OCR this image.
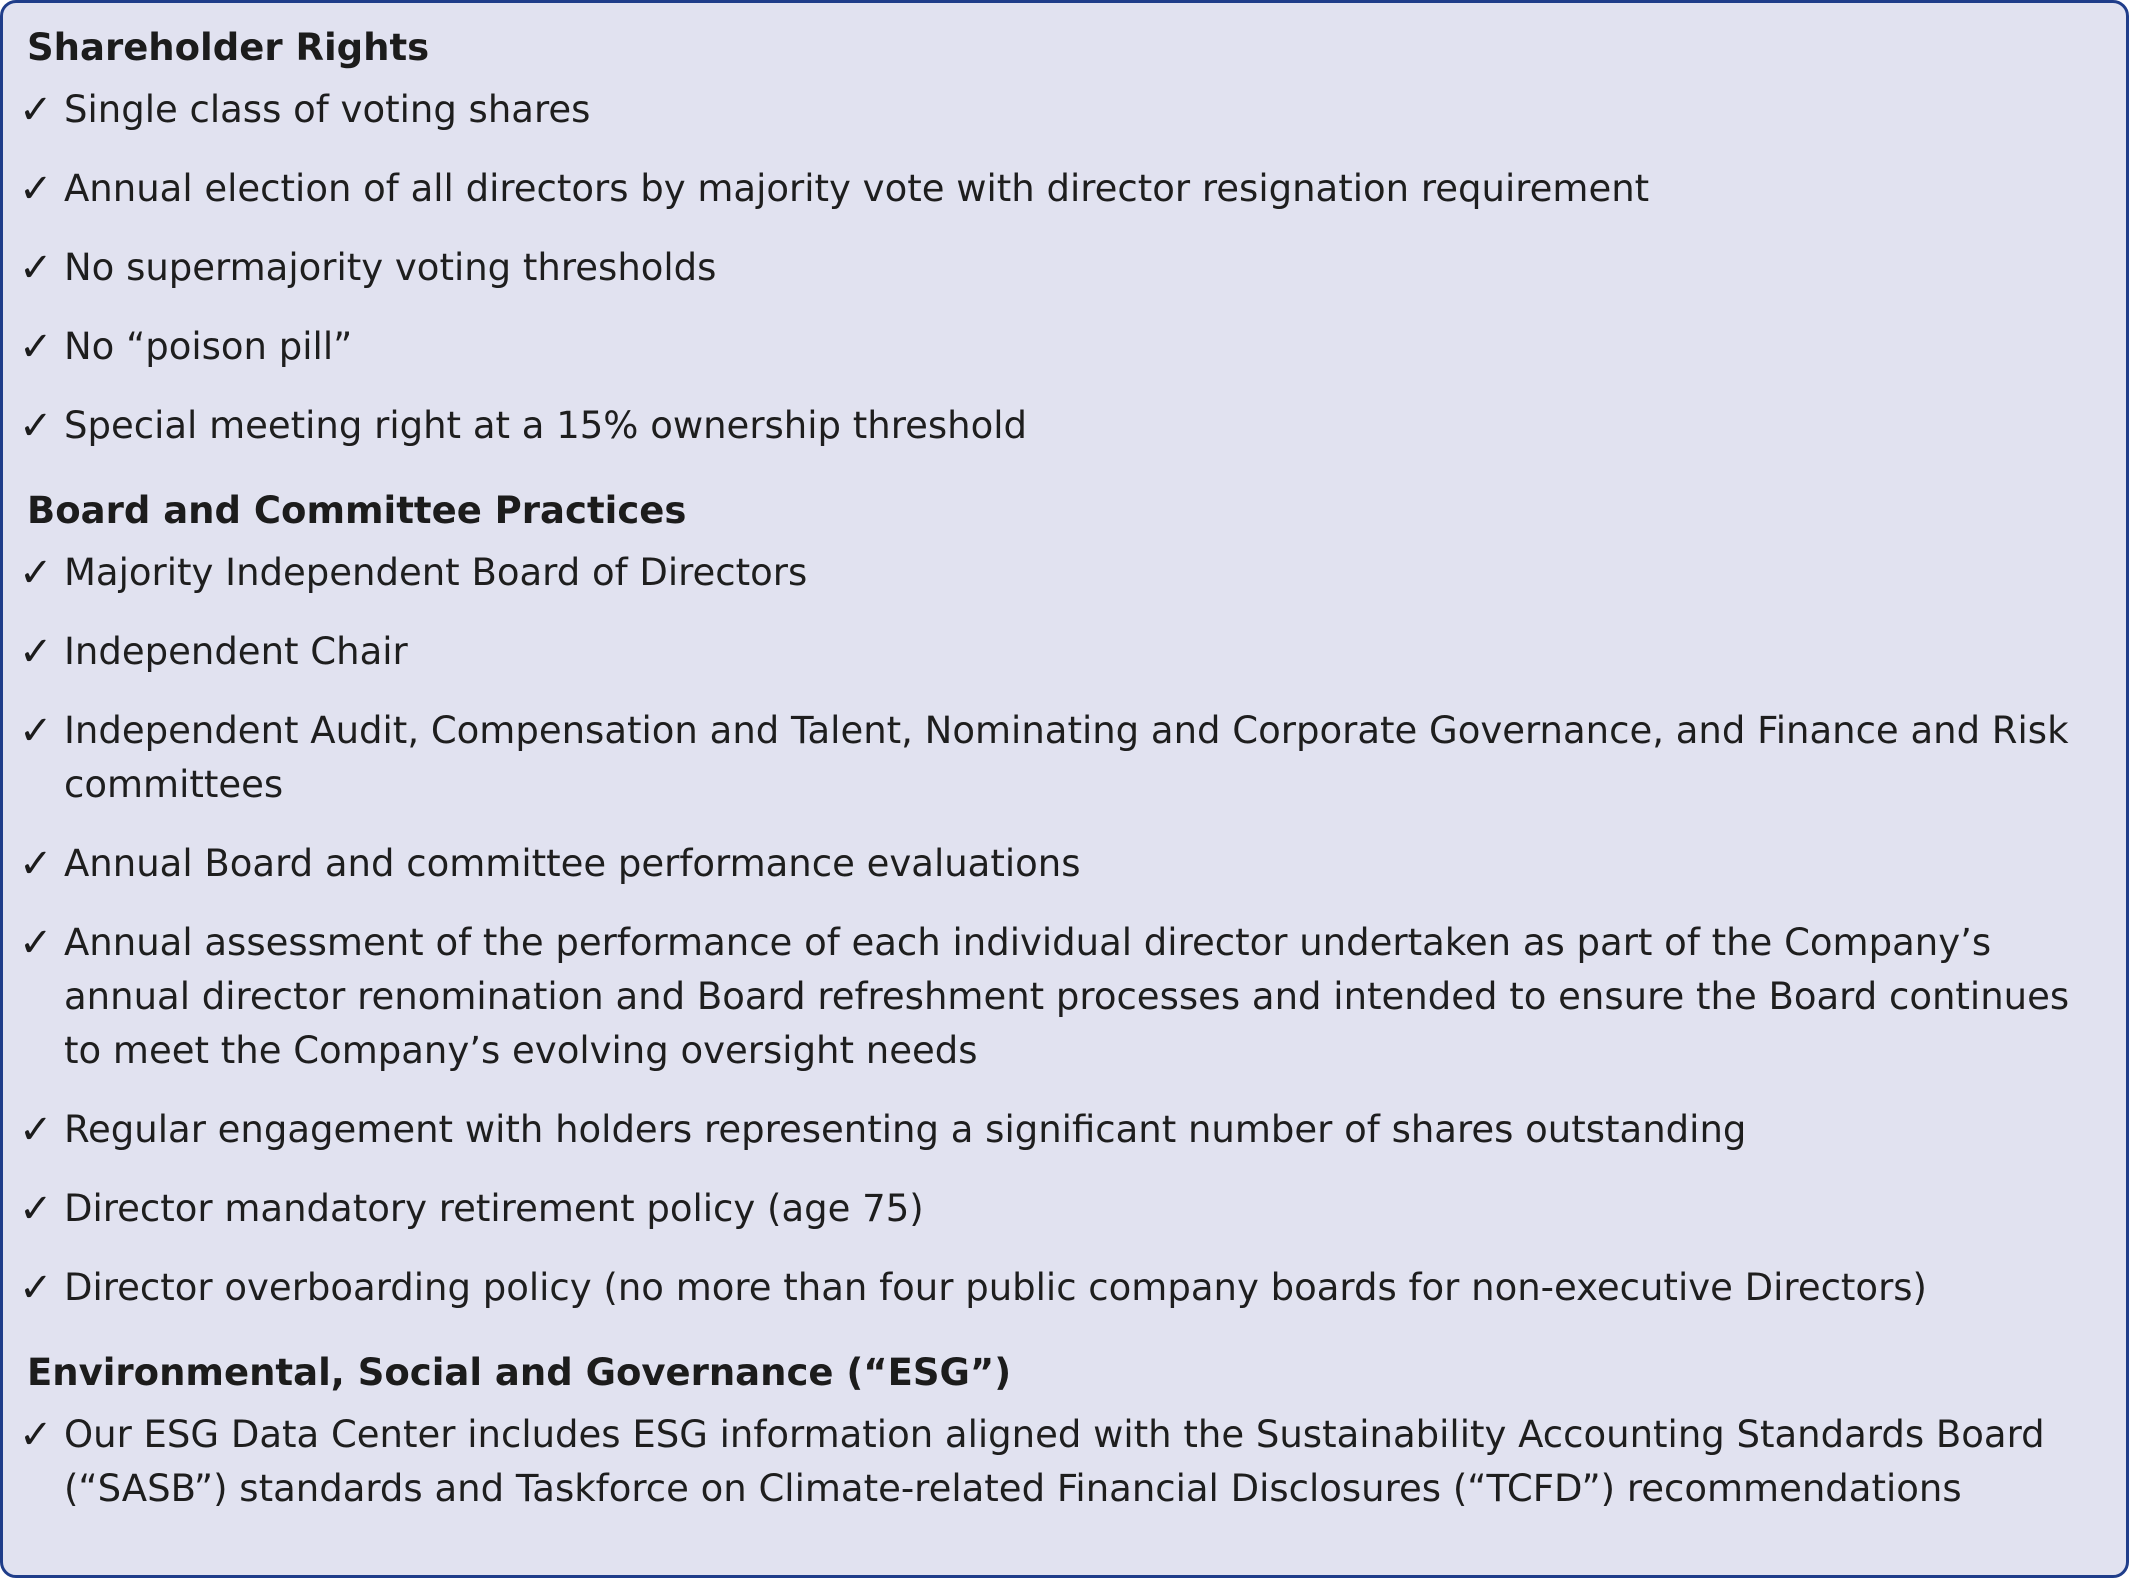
Shareholder Rights
✓ Single class of voting shares
✓ Annual election of all directors by majority vote with director resignation requirement
✓ No supermajority voting thresholds
✓ No “poison pill”
✓ Special meeting right at a 15% ownership threshold
Board and Committee Practices
✓ Majority Independent Board of Directors
✓ Independent Chair
✓ Independent Audit, Compensation and Talent, Nominating and Corporate Governance, and Finance and Risk committees
✓ Annual Board and committee performance evaluations
✓ Annual assessment of the performance of each individual director undertaken as part of the Company’s annual director renomination and Board refreshment processes and intended to ensure the Board continues to meet the Company’s evolving oversight needs
✓ Regular engagement with holders representing a significant number of shares outstanding
✓ Director mandatory retirement policy (age 75)
✓ Director overboarding policy (no more than four public company boards for non-executive Directors)
Environmental, Social and Governance (“ESG”)
✓ Our ESG Data Center includes ESG information aligned with the Sustainability Accounting Standards Board (“SASB”) standards and Taskforce on Climate-related Financial Disclosures (“TCFD”) recommendations
